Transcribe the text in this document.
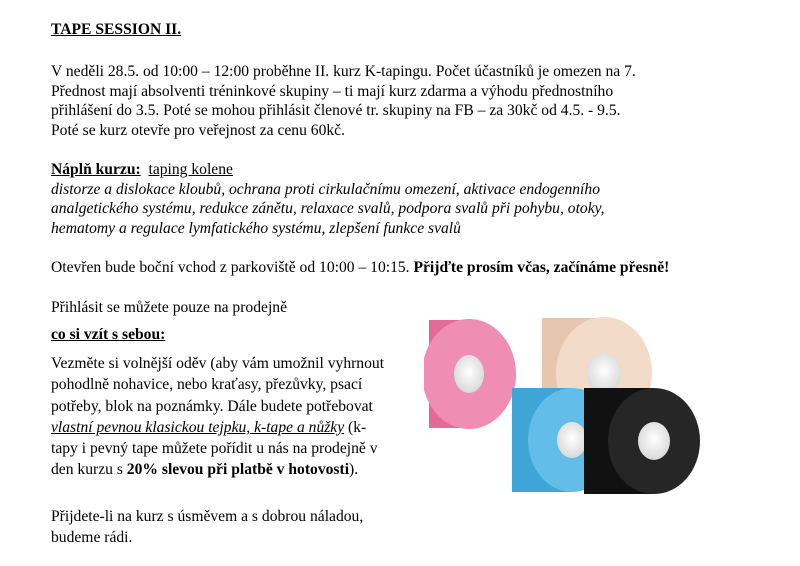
TAPE SESSION II.
V neděli 28.5. od 10:00 – 12:00 proběhne II. kurz K-tapingu. Počet účastníků je omezen na 7.
Přednost mají absolventi tréninkové skupiny – ti mají kurz zdarma a výhodu přednostního
přihlášení do 3.5. Poté se mohou přihlásit členové tr. skupiny na FB – za 30kč od 4.5. - 9.5.
Poté se kurz otevře pro veřejnost za cenu 60kč.
Náplň kurzu: taping kolene
distorze a dislokace kloubů, ochrana proti cirkulačnímu omezení, aktivace endogenního
analgetického systému, redukce zánětu, relaxace svalů, podpora svalů při pohybu, otoky,
hematomy a regulace lymfatického systému, zlepšení funkce svalů
Otevřen bude boční vchod z parkoviště od 10:00 – 10:15. Přijďte prosím včas, začínáme přesně!
Přihlásit se můžete pouze na prodejně
co si vzít s sebou:
Vezměte si volnější oděv (aby vám umožnil vyhrnout
pohodlně nohavice, nebo kraťasy, přezůvky, psací
potřeby, blok na poznámky. Dále budete potřebovat
vlastní pevnou klasickou tejpku, k-tape a nůžky (k-
tapy i pevný tape můžete pořídit u nás na prodejně v
den kurzu s 20% slevou při platbě v hotovosti).
Přijdete-li na kurz s úsměvem a s dobrou náladou,
budeme rádi.
